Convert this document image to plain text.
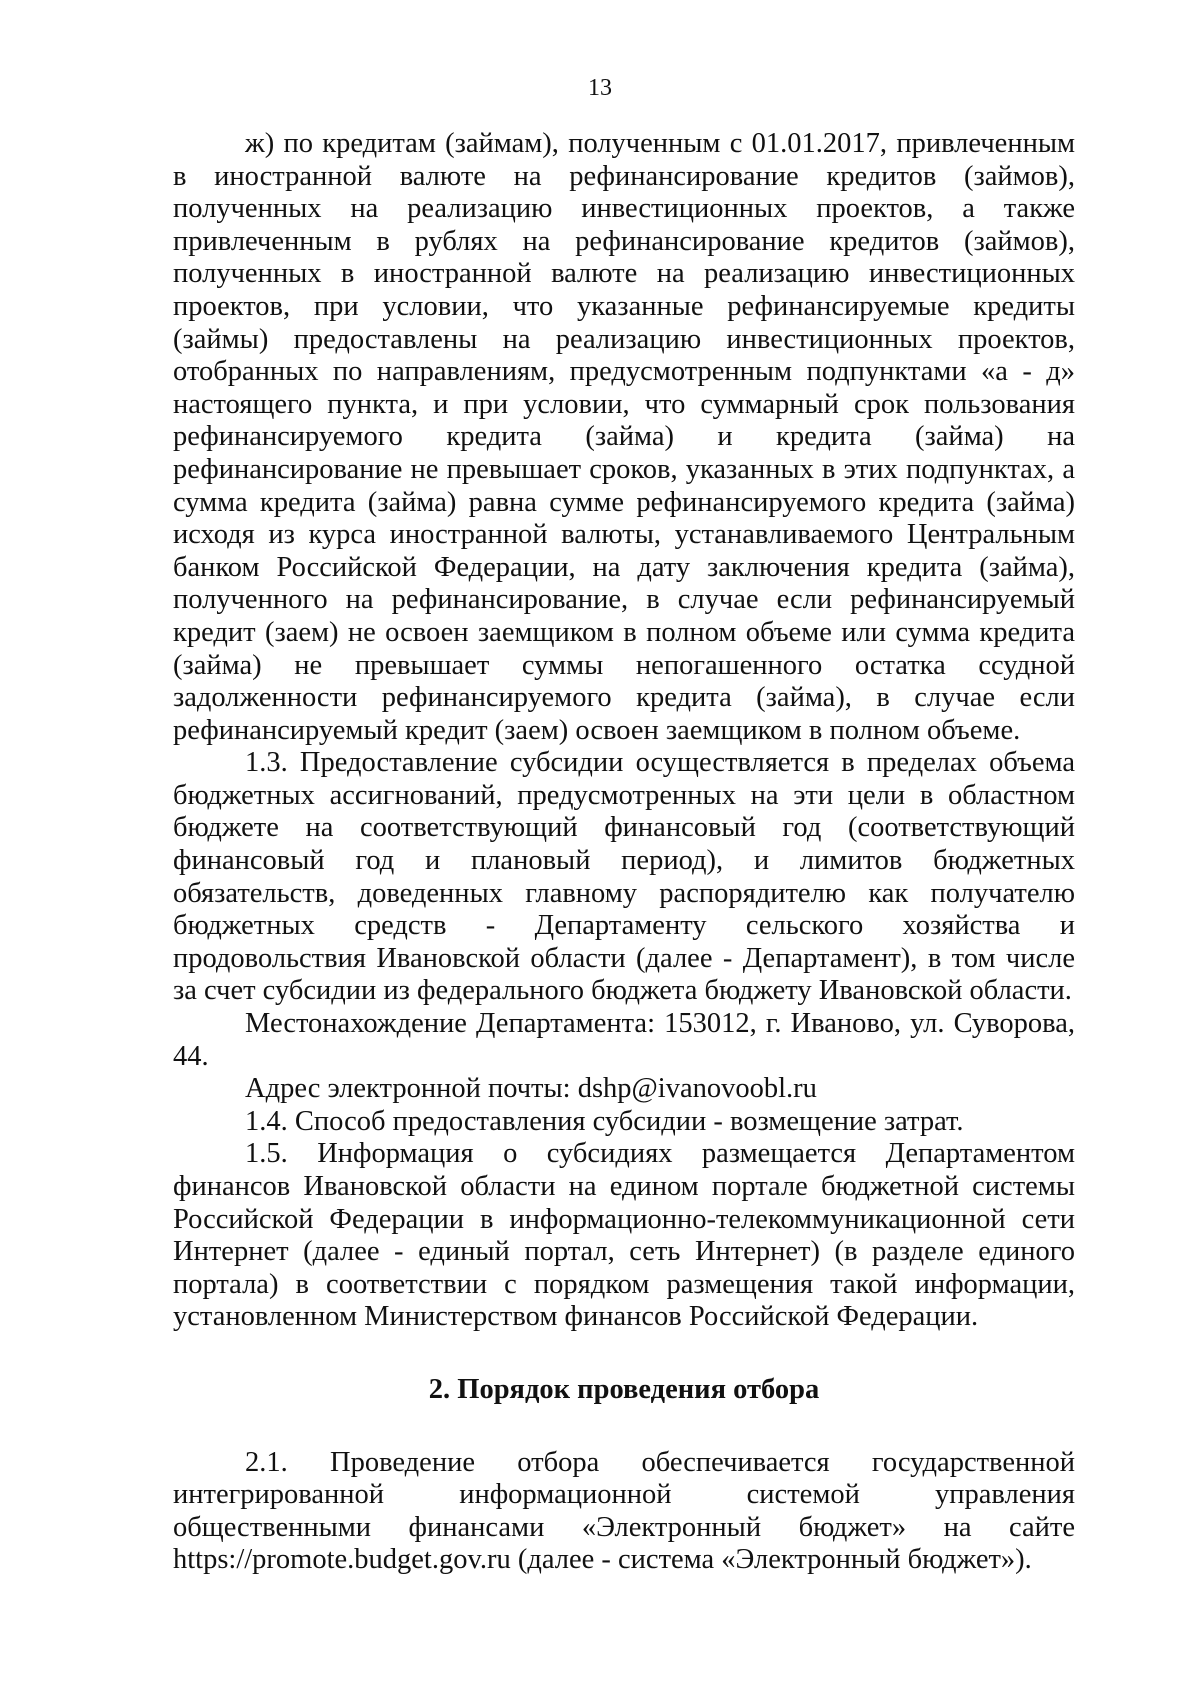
13

ж) по кредитам (займам), полученным с 01.01.2017, привлеченным в иностранной валюте на рефинансирование кредитов (займов), полученных на реализацию инвестиционных проектов, а также привлеченным в рублях на рефинансирование кредитов (займов), полученных в иностранной валюте на реализацию инвестиционных проектов, при условии, что указанные рефинансируемые кредиты (займы) предоставлены на реализацию инвестиционных проектов, отобранных по направлениям, предусмотренным подпунктами «а - д» настоящего пункта, и при условии, что суммарный срок пользования рефинансируемого кредита (займа) и кредита (займа) на рефинансирование не превышает сроков, указанных в этих подпунктах, а сумма кредита (займа) равна сумме рефинансируемого кредита (займа) исходя из курса иностранной валюты, устанавливаемого Центральным банком Российской Федерации, на дату заключения кредита (займа), полученного на рефинансирование, в случае если рефинансируемый кредит (заем) не освоен заемщиком в полном объеме или сумма кредита (займа) не превышает суммы непогашенного остатка ссудной задолженности рефинансируемого кредита (займа), в случае если рефинансируемый кредит (заем) освоен заемщиком в полном объеме.

1.3. Предоставление субсидии осуществляется в пределах объема бюджетных ассигнований, предусмотренных на эти цели в областном бюджете на соответствующий финансовый год (соответствующий финансовый год и плановый период), и лимитов бюджетных обязательств, доведенных главному распорядителю как получателю бюджетных средств - Департаменту сельского хозяйства и продовольствия Ивановской области (далее - Департамент), в том числе за счет субсидии из федерального бюджета бюджету Ивановской области.

Местонахождение Департамента: 153012, г. Иваново, ул. Суворова, 44.

Адрес электронной почты: dshp@ivanovoobl.ru

1.4. Способ предоставления субсидии - возмещение затрат.

1.5. Информация о субсидиях размещается Департаментом финансов Ивановской области на едином портале бюджетной системы Российской Федерации в информационно-телекоммуникационной сети Интернет (далее - единый портал, сеть Интернет) (в разделе единого портала) в соответствии с порядком размещения такой информации, установленном Министерством финансов Российской Федерации.

2. Порядок проведения отбора

2.1. Проведение отбора обеспечивается государственной интегрированной информационной системой управления общественными финансами «Электронный бюджет» на сайте https://promote.budget.gov.ru (далее - система «Электронный бюджет»).
